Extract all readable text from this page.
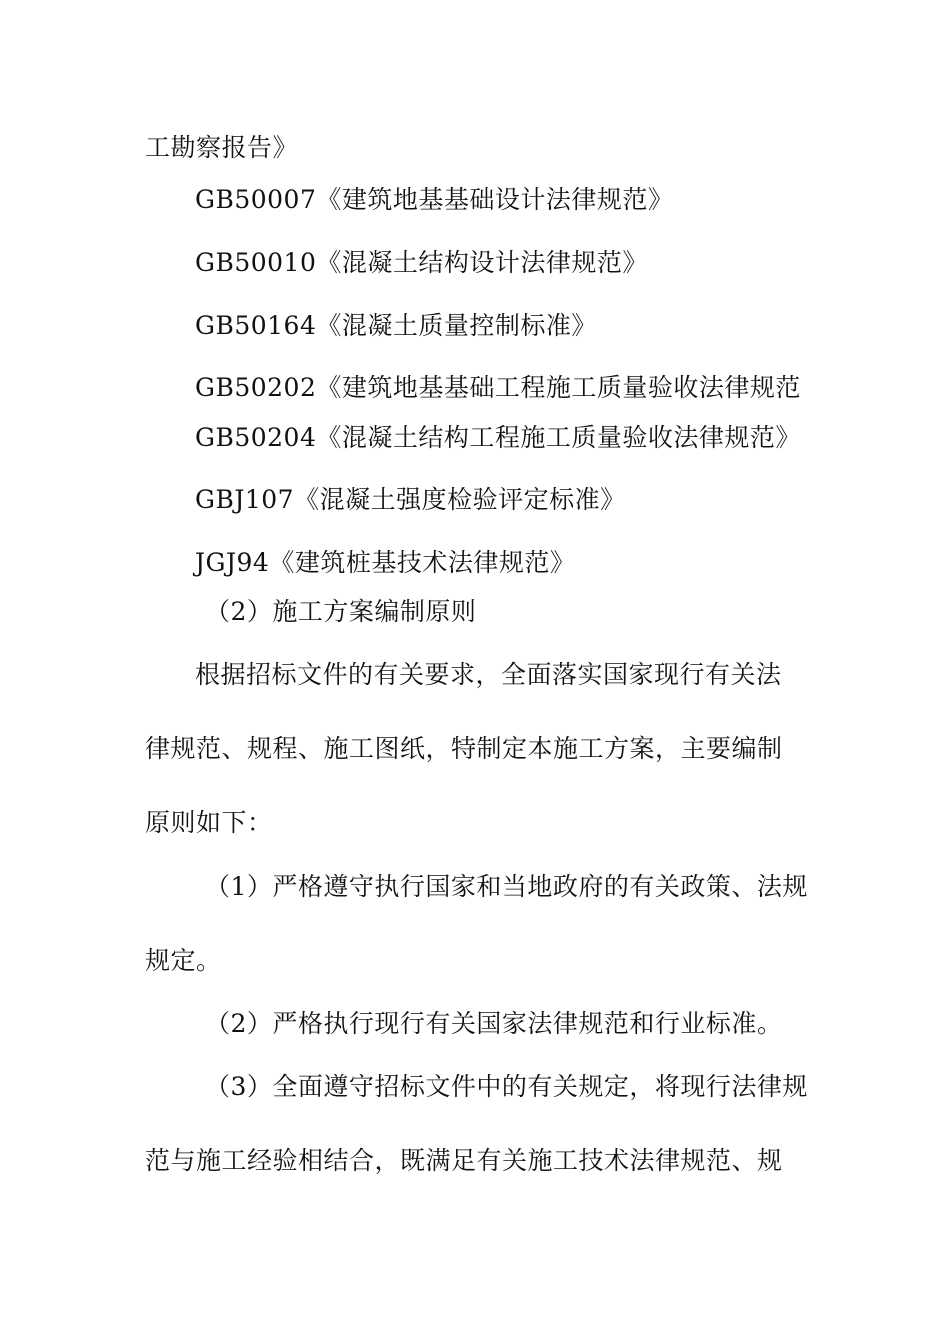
工勘察报告》
GB50007《建筑地基基础设计法律规范》
GB50010《混凝土结构设计法律规范》
GB50164《混凝土质量控制标准》
GB50202《建筑地基基础工程施工质量验收法律规范
GB50204《混凝土结构工程施工质量验收法律规范》
GBJ107《混凝土强度检验评定标准》
JGJ94《建筑桩基技术法律规范》
（2）施工方案编制原则
根据招标文件的有关要求，全面落实国家现行有关法
律规范、规程、施工图纸，特制定本施工方案，主要编制
原则如下：
（1）严格遵守执行国家和当地政府的有关政策、法规
规定。
（2）严格执行现行有关国家法律规范和行业标准。
（3）全面遵守招标文件中的有关规定，将现行法律规
范与施工经验相结合，既满足有关施工技术法律规范、规
